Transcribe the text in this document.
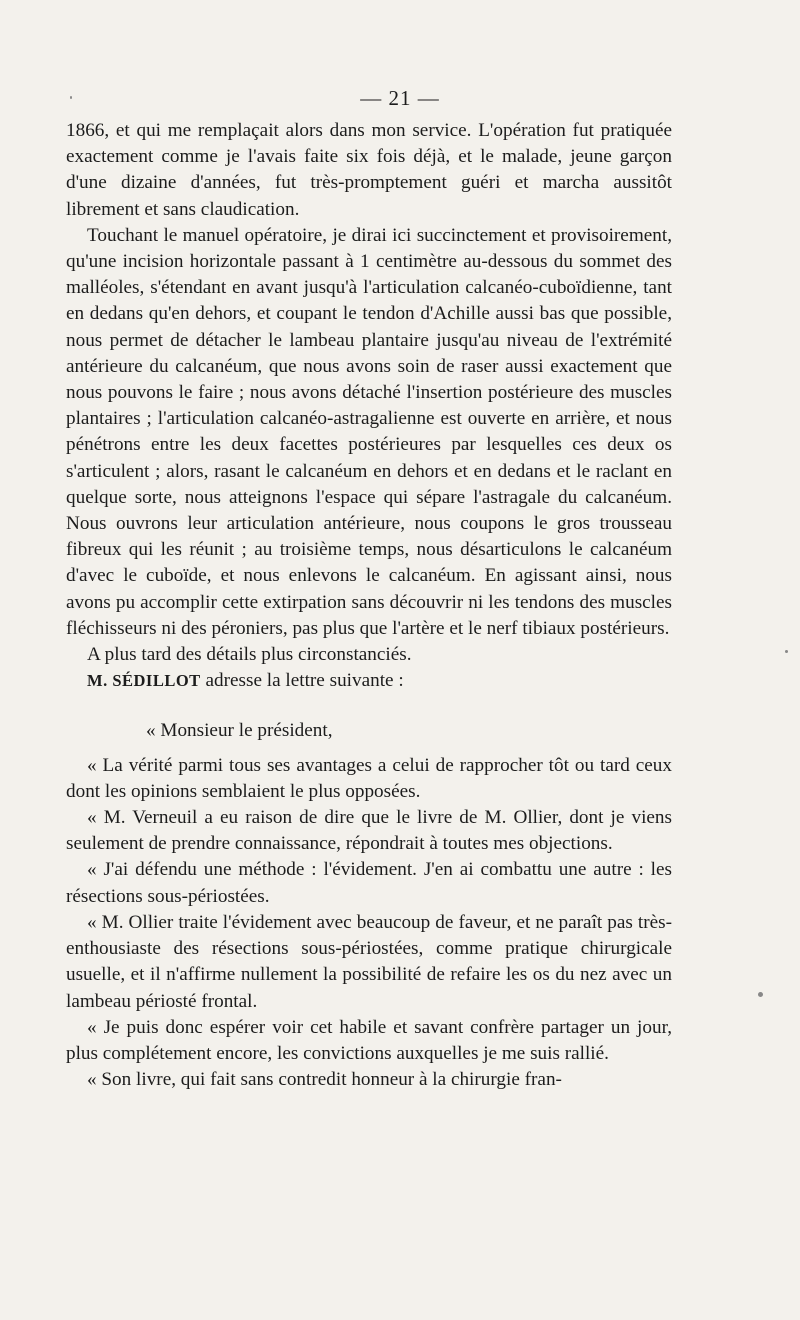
— 21 —

1866, et qui me remplaçait alors dans mon service. L'opération fut pratiquée exactement comme je l'avais faite six fois déjà, et le malade, jeune garçon d'une dizaine d'années, fut très-promptement guéri et marcha aussitôt librement et sans claudication.

Touchant le manuel opératoire, je dirai ici succinctement et provisoirement, qu'une incision horizontale passant à 1 centimètre au-dessous du sommet des malléoles, s'étendant en avant jusqu'à l'articulation calcanéo-cuboïdienne, tant en dedans qu'en dehors, et coupant le tendon d'Achille aussi bas que possible, nous permet de détacher le lambeau plantaire jusqu'au niveau de l'extrémité antérieure du calcanéum, que nous avons soin de raser aussi exactement que nous pouvons le faire ; nous avons détaché l'insertion postérieure des muscles plantaires ; l'articulation calcanéo-astragalienne est ouverte en arrière, et nous pénétrons entre les deux facettes postérieures par lesquelles ces deux os s'articulent ; alors, rasant le calcanéum en dehors et en dedans et le raclant en quelque sorte, nous atteignons l'espace qui sépare l'astragale du calcanéum. Nous ouvrons leur articulation antérieure, nous coupons le gros trousseau fibreux qui les réunit ; au troisième temps, nous désarticulons le calcanéum d'avec le cuboïde, et nous enlevons le calcanéum. En agissant ainsi, nous avons pu accomplir cette extirpation sans découvrir ni les tendons des muscles fléchisseurs ni des péroniers, pas plus que l'artère et le nerf tibiaux postérieurs.

A plus tard des détails plus circonstanciés.

M. SÉDILLOT adresse la lettre suivante :

« Monsieur le président,

« La vérité parmi tous ses avantages a celui de rapprocher tôt ou tard ceux dont les opinions semblaient le plus opposées.

« M. Verneuil a eu raison de dire que le livre de M. Ollier, dont je viens seulement de prendre connaissance, répondrait à toutes mes objections.

« J'ai défendu une méthode : l'évidement. J'en ai combattu une autre : les résections sous-périostées.

« M. Ollier traite l'évidement avec beaucoup de faveur, et ne paraît pas très-enthousiaste des résections sous-périostées, comme pratique chirurgicale usuelle, et il n'affirme nullement la possibilité de refaire les os du nez avec un lambeau périosté frontal.

« Je puis donc espérer voir cet habile et savant confrère partager un jour, plus complétement encore, les convictions auxquelles je me suis rallié.

« Son livre, qui fait sans contredit honneur à la chirurgie fran-
